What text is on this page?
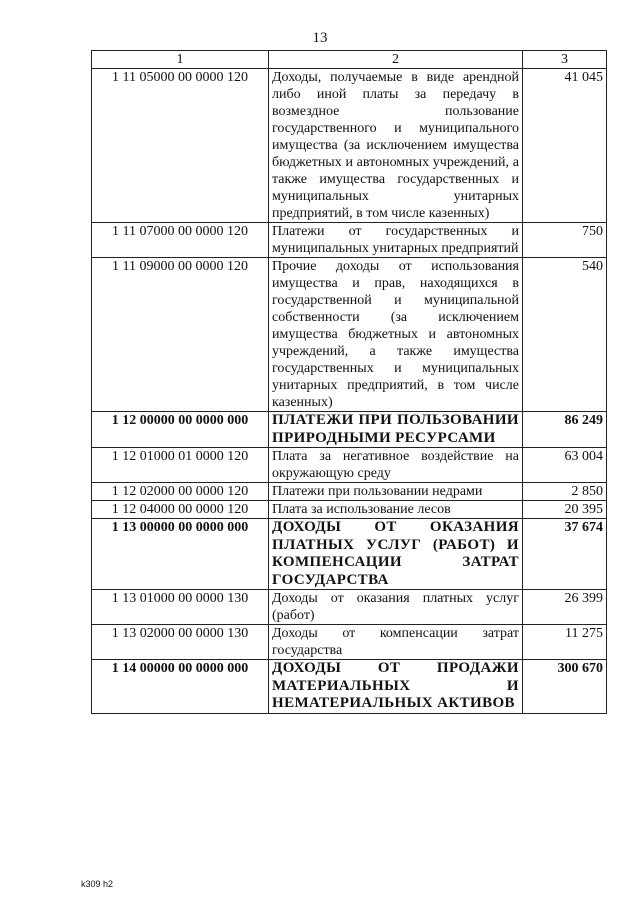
13
1	2	3
1 11 05000 00 0000 120	Доходы, получаемые в виде арендной либо иной платы за передачу в возмездное пользование государственного и муниципального имущества (за исключением имущества бюджетных и автономных учреждений, а также имущества государственных и муниципальных унитарных предприятий, в том числе казенных)	41 045
1 11 07000 00 0000 120	Платежи от государственных и муниципальных унитарных предприятий	750
1 11 09000 00 0000 120	Прочие доходы от использования имущества и прав, находящихся в государственной и муниципальной собственности (за исключением имущества бюджетных и автономных учреждений, а также имущества государственных и муниципальных унитарных предприятий, в том числе казенных)	540
1 12 00000 00 0000 000	ПЛАТЕЖИ ПРИ ПОЛЬЗОВАНИИ ПРИРОДНЫМИ РЕСУРСАМИ	86 249
1 12 01000 01 0000 120	Плата за негативное воздействие на окружающую среду	63 004
1 12 02000 00 0000 120	Платежи при пользовании недрами	2 850
1 12 04000 00 0000 120	Плата за использование лесов	20 395
1 13 00000 00 0000 000	ДОХОДЫ ОТ ОКАЗАНИЯ ПЛАТНЫХ УСЛУГ (РАБОТ) И КОМПЕНСАЦИИ ЗАТРАТ ГОСУДАРСТВА	37 674
1 13 01000 00 0000 130	Доходы от оказания платных услуг (работ)	26 399
1 13 02000 00 0000 130	Доходы от компенсации затрат государства	11 275
1 14 00000 00 0000 000	ДОХОДЫ ОТ ПРОДАЖИ МАТЕРИАЛЬНЫХ И НЕМАТЕРИАЛЬНЫХ АКТИВОВ	300 670
k309 h2
